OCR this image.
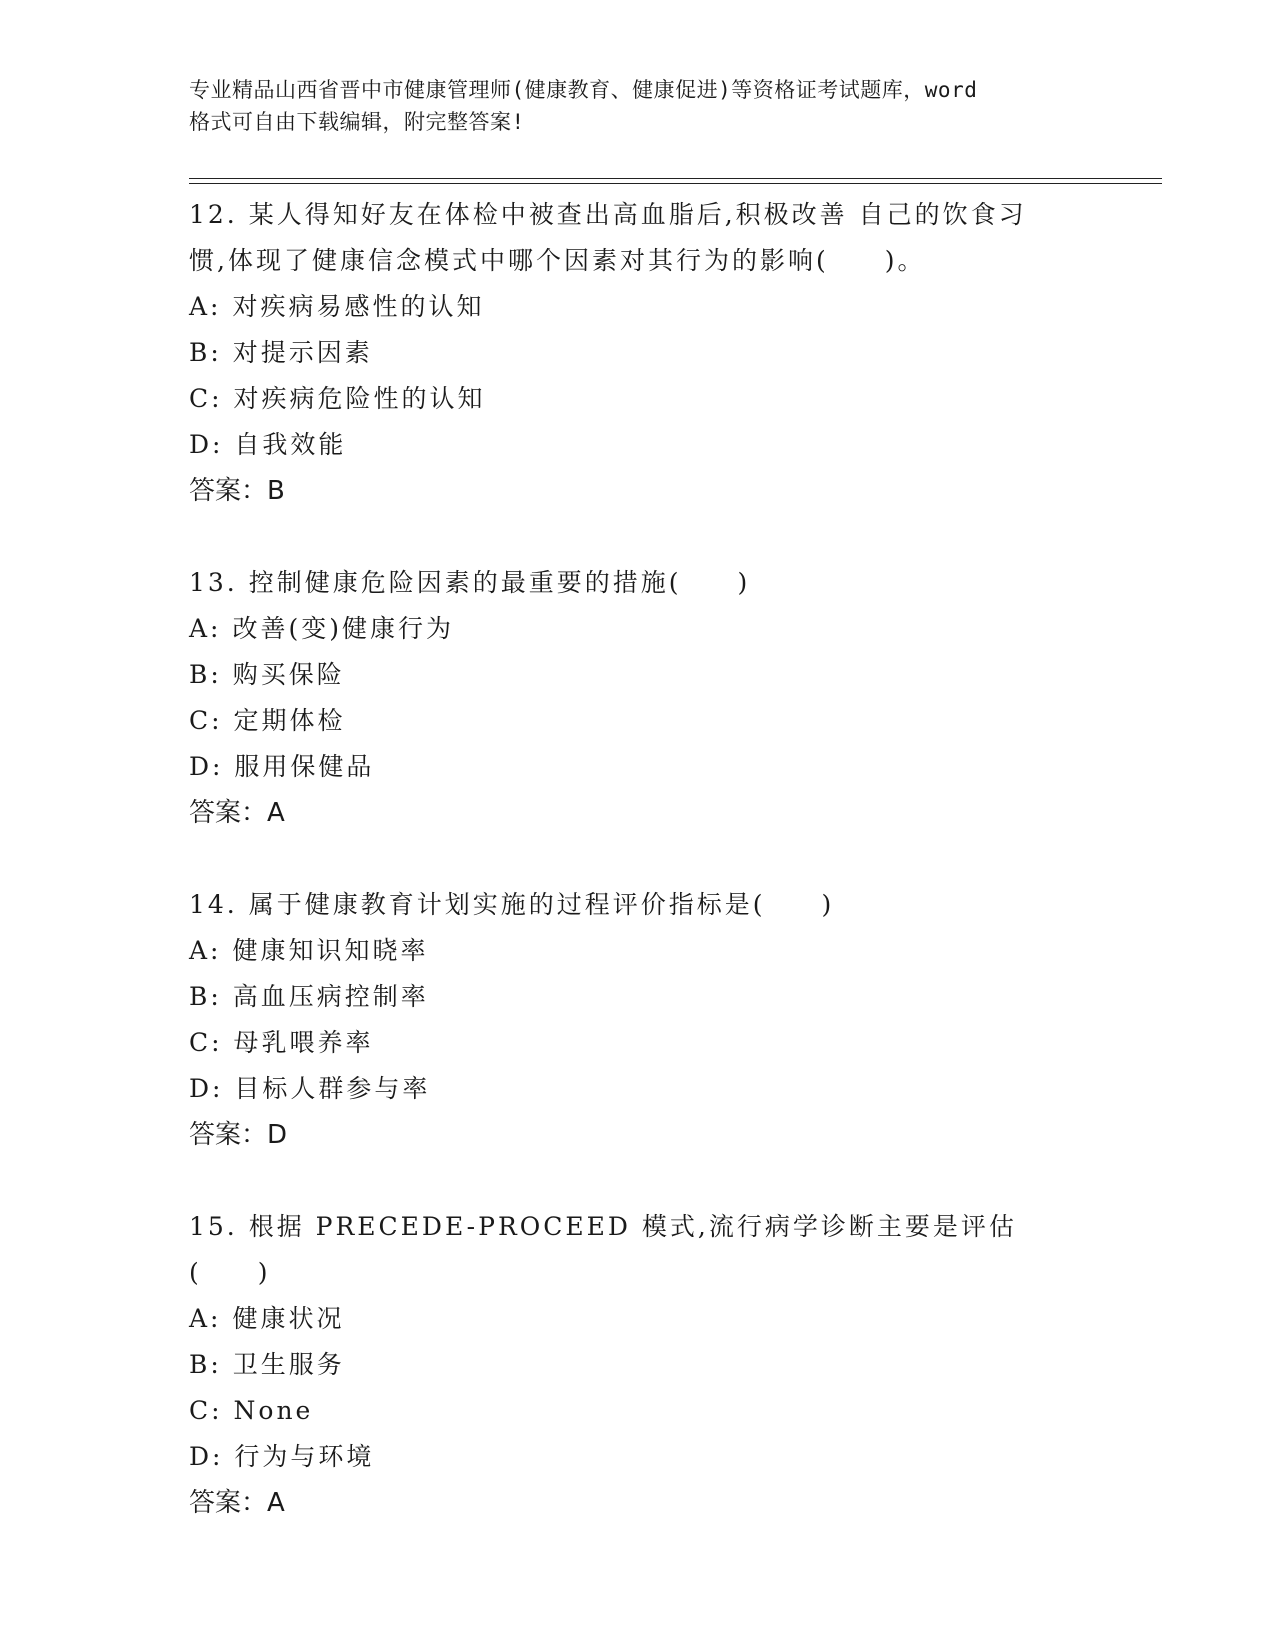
专业精品山西省晋中市健康管理师(健康教育、健康促进)等资格证考试题库，word
格式可自由下载编辑，附完整答案!
12. 某人得知好友在体检中被查出高血脂后,积极改善 自己的饮食习
惯,体现了健康信念模式中哪个因素对其行为的影响(　　)。
A: 对疾病易感性的认知
B: 对提示因素
C: 对疾病危险性的认知
D: 自我效能
答案：B
13. 控制健康危险因素的最重要的措施(　　)
A: 改善(变)健康行为
B: 购买保险
C: 定期体检
D: 服用保健品
答案：A
14. 属于健康教育计划实施的过程评价指标是(　　)
A: 健康知识知晓率
B: 高血压病控制率
C: 母乳喂养率
D: 目标人群参与率
答案：D
15. 根据 PRECEDE-PROCEED 模式,流行病学诊断主要是评估(　　)
A: 健康状况
B: 卫生服务
C: None
D: 行为与环境
答案：A
